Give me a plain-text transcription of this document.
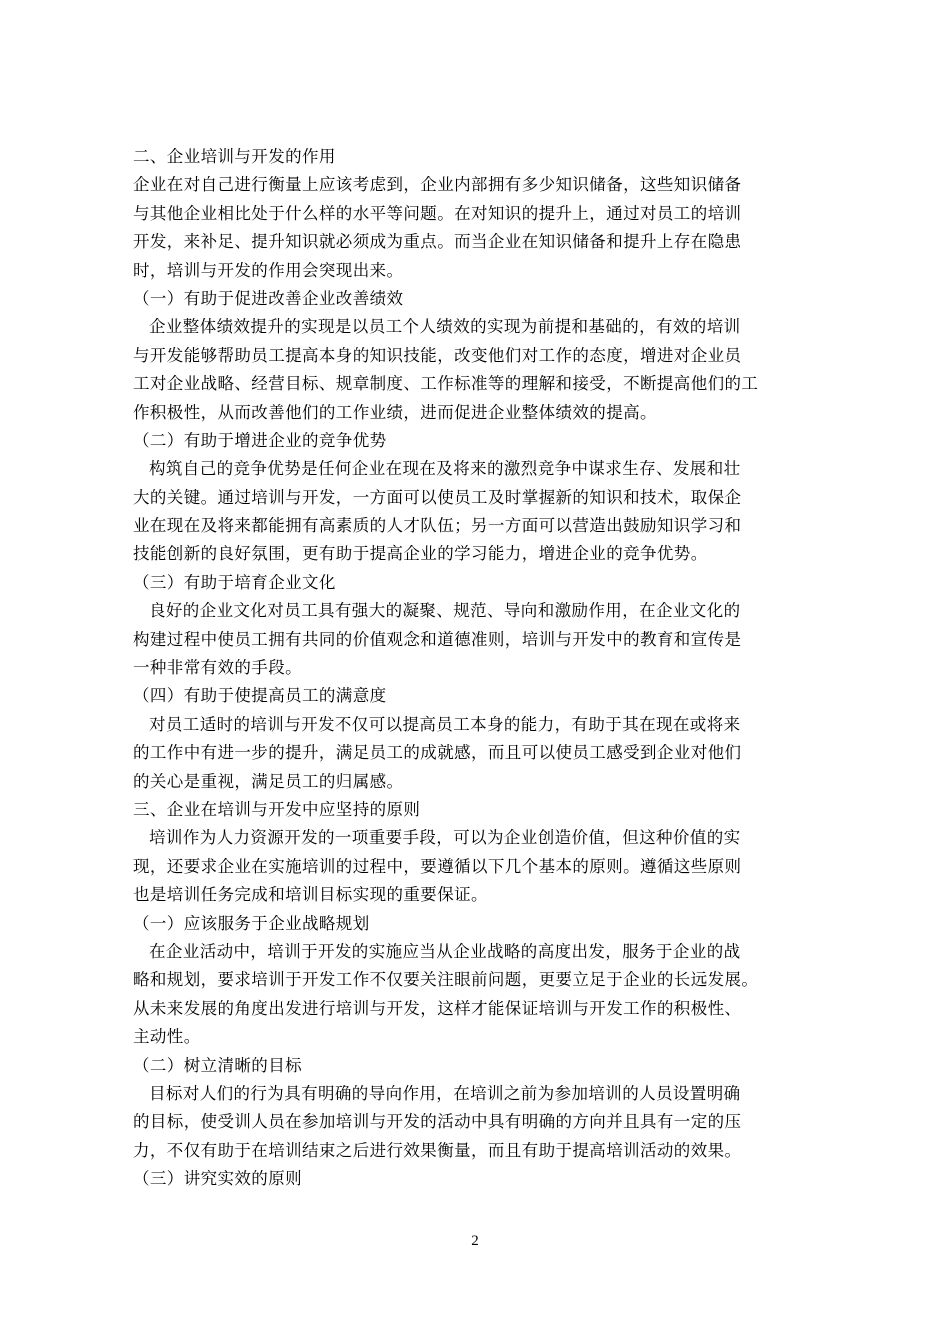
二、企业培训与开发的作用
企业在对自己进行衡量上应该考虑到，企业内部拥有多少知识储备，这些知识储备
与其他企业相比处于什么样的水平等问题。在对知识的提升上，通过对员工的培训
开发，来补足、提升知识就必须成为重点。而当企业在知识储备和提升上存在隐患
时，培训与开发的作用会突现出来。
（一）有助于促进改善企业改善绩效
企业整体绩效提升的实现是以员工个人绩效的实现为前提和基础的，有效的培训
与开发能够帮助员工提高本身的知识技能，改变他们对工作的态度，增进对企业员
工对企业战略、经营目标、规章制度、工作标准等的理解和接受，不断提高他们的工
作积极性，从而改善他们的工作业绩，进而促进企业整体绩效的提高。
（二）有助于增进企业的竞争优势
构筑自己的竞争优势是任何企业在现在及将来的激烈竞争中谋求生存、发展和壮
大的关键。通过培训与开发，一方面可以使员工及时掌握新的知识和技术，取保企
业在现在及将来都能拥有高素质的人才队伍；另一方面可以营造出鼓励知识学习和
技能创新的良好氛围，更有助于提高企业的学习能力，增进企业的竞争优势。
（三）有助于培育企业文化
良好的企业文化对员工具有强大的凝聚、规范、导向和激励作用，在企业文化的
构建过程中使员工拥有共同的价值观念和道德准则，培训与开发中的教育和宣传是
一种非常有效的手段。
（四）有助于使提高员工的满意度
对员工适时的培训与开发不仅可以提高员工本身的能力，有助于其在现在或将来
的工作中有进一步的提升，满足员工的成就感，而且可以使员工感受到企业对他们
的关心是重视，满足员工的归属感。
三、企业在培训与开发中应坚持的原则
培训作为人力资源开发的一项重要手段，可以为企业创造价值，但这种价值的实
现，还要求企业在实施培训的过程中，要遵循以下几个基本的原则。遵循这些原则
也是培训任务完成和培训目标实现的重要保证。
（一）应该服务于企业战略规划
在企业活动中，培训于开发的实施应当从企业战略的高度出发，服务于企业的战
略和规划，要求培训于开发工作不仅要关注眼前问题，更要立足于企业的长远发展。
从未来发展的角度出发进行培训与开发，这样才能保证培训与开发工作的积极性、
主动性。
（二）树立清晰的目标
目标对人们的行为具有明确的导向作用，在培训之前为参加培训的人员设置明确
的目标，使受训人员在参加培训与开发的活动中具有明确的方向并且具有一定的压
力，不仅有助于在培训结束之后进行效果衡量，而且有助于提高培训活动的效果。
（三）讲究实效的原则
2
